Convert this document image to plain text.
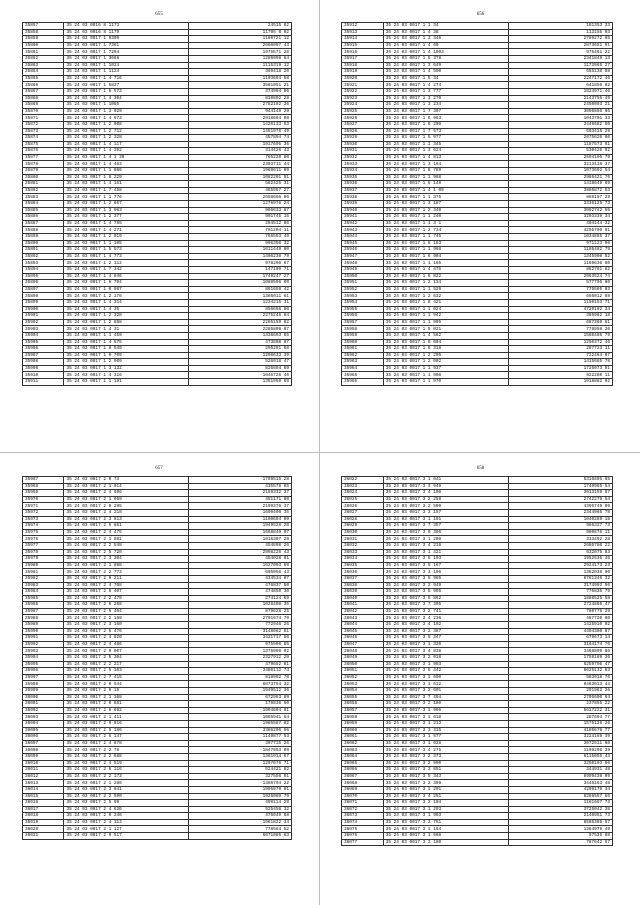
655
35857	35 24 03 0016 8 1173	24515 82
35858	35 24 03 0016 8 1179	11795 0 02
35859	35 24 03 0017 1 9309	1180721 12
35860	35 24 03 0017 1 7361	2666097 43
35861	35 24 03 0017 1 7294	1976571 28
35862	35 24 03 0017 1 3668	1286098 64
35863	35 24 03 0017 1 1024	1115319 12
35864	35 24 03 0017 1 1124	369418 20
35865	35 24 03 0017 1 4 716	1103694 58
35866	35 24 03 0017 1 5837	3581051 21
35867	35 24 03 0017 1 6 573	374904 06
35868	35 24 03 0017 1 4 304	810802 28
35869	35 24 03 0017 1 1065	2782192 36
35870	35 24 03 0017 1 3 029	944149 29
35871	35 24 03 0017 1 4 973	2918694 09
35872	35 24 03 0017 1 2 008	1426133 53
35873	35 24 03 0017 1 2 712	1451976 49
35874	35 24 03 0017 1 2 328	457894 74
35875	35 24 03 0017 1 4 117	1917695 36
35876	35 24 03 0017 1 4 392	314426 43
35877	35 24 03 0017 1 4 1 39	765220 80
35878	35 24 03 0017 1 4 483	2303711 44
35879	35 24 03 0017 1 1 086	1969611 09
35880	35 24 03 0017 1 8 229	1082201 91
35881	35 24 03 0017 1 4 151	582425 31
35882	35 24 03 0017 1 7 458	465957 27
35883	35 24 03 0017 1 1 776	2658666 06
35884	35 24 03 0017 1 2 867	1276976 24
35885	35 24 03 0017 1 3 963	966633 87
35886	35 24 03 0017 1 2 377	901745 15
35887	35 24 03 0017 1 4 765	294512 86
35888	35 24 03 0017 1 4 271	701204 11
35889	35 24 03 0017 1 2 019	766553 49
35890	35 24 03 0017 1 1 105	996398 32
35891	35 24 03 0017 1 5 573	1611449 80
35892	35 24 03 0017 1 4 773	1406238 79
35893	35 24 03 0017 1 2 112	978296 67
35894	35 24 03 0017 1 7 342	147109 71
35895	35 24 03 0017 1 4 846	1749247 27
35896	35 24 03 0017 1 6 794	1088596 09
35897	35 24 03 0017 1 0 987	861659 42
35898	35 24 03 0017 1 2 178	1386011 61
35899	35 24 03 0017 1 4 314	1234215 31
35900	35 24 03 0017 1 4 35	856656 86
35901	35 24 03 0017 1 2 328	2275246 84
35902	35 24 03 0017 1 2 868	2285159 82
35903	35 24 03 0017 1 4 31	2285809 07
35904	35 24 03 0017 1 1 459	1336693 65
35905	35 24 03 0017 1 4 575	473808 67
35906	35 24 03 0017 1 8 549	295291 68
35907	35 24 03 0017 1 6 709	1296633 39
35908	35 24 03 0017 1 2 909	526018 47
35909	35 24 03 0017 1 3 132	826894 69
35910	35 24 03 0017 1 4 316	1046726 46
35911	35 24 03 0017 1 1 191	1351958 69
656
35912	35 24 03 0017 1 1 34	161353 33
35913	35 24 03 0017 1 4 38	113155 03
35914	35 24 03 0017 1 3 346	2789272 65
35915	35 24 03 0017 1 4 60	2873651 91
35916	35 24 03 0017 1 4 1093	975461 22
35917	35 24 03 0017 1 5 378	2341849 13
35918	35 24 03 0017 1 3 649	1173965 27
35919	35 24 03 0017 1 4 590	655138 88
35920	35 24 03 0017 1 5 34	2247172 46
35921	35 24 03 0017 1 4 274	641856 62
35922	35 24 03 0017 1 3 777	1824971 46
35923	35 24 03 0017 1 3 270	2143756 49
35924	35 24 03 0017 1 3 234	2450093 21
35925	35 24 03 0017 1 7 307	3096856 66
35926	35 24 03 0017 1 6 963	1043701 33
35927	35 24 03 0017 1 6 208	3446682 50
35928	35 24 03 0017 1 7 573	603415 29
35929	35 24 03 0017 1 5 977	2075626 60
35930	35 24 03 0017 1 1 345	1187573 61
35931	35 24 03 0017 1 3 624	530426 92
35932	35 24 03 0017 1 4 813	2594105 79
35933	35 24 03 0017 1 3 164	3213115 37
35934	35 24 03 0017 1 8 789	1073692 54
35935	35 24 03 0017 1 1 968	2986421 76
35936	35 24 03 0017 1 5 149	1418649 69
35937	35 24 03 0017 1 4 1 09	3885872 53
35938	35 24 03 0017 1 1 375	868197 29
35939	35 24 03 0017 1 3 187	3336125 73
35940	35 24 03 0017 1 2 340	3092742 56
35941	35 24 03 0017 1 1 240	3203339 34
35942	35 24 03 0017 1 1 3 1	404144 32
35943	35 24 03 0017 1 2 734	4256790 91
35944	35 24 03 0017 1 1 745	1034885 37
35945	35 24 03 0017 1 5 183	971123 96
35946	35 24 03 0017 1 1 968	1185482 79
35947	35 24 03 0017 1 6 904	1345908 52
35948	35 24 03 0017 1 1 165	1189636 80
35949	35 24 03 0017 1 4 475	862781 82
35950	35 24 03 0017 1 6 822	2063524 74
35951	35 24 03 0017 1 2 134	577795 60
35952	35 24 03 0017 1 1 529	775565 03
35953	35 24 03 0017 1 2 632	666012 69
35954	35 24 03 0017 1 8 421	1150153 71
35955	35 24 03 0017 1 1 024	4720102 34
35956	35 24 03 0017 1 1 942	385982 18
35957	35 24 03 0017 1 1 995	687369 61
35958	35 24 03 0017 1 5 021	778958 20
35959	35 24 03 0017 1 4 562	1560486 79
35960	35 24 03 0017 1 8 004	1250372 46
35961	35 24 03 0017 1 6 318	287723 11
35962	35 24 03 0017 1 2 205	722464 07
35963	35 24 03 0017 1 2 002	1415665 78
35964	35 24 03 0017 1 1 937	1726073 91
35965	35 24 03 0017 1 1 908	922280 11
35966	35 24 03 0017 1 1 970	1918882 92
657
35967	35 24 03 0017 2 0 73	1799515 28
35968	35 24 03 0017 2 1 014	435578 85
35969	35 24 03 0017 2 4 996	2168332 37
35970	35 24 03 0017 2 1 059	451171 80
35971	35 24 03 0017 2 0 285	2199376 37
35972	35 24 03 0017 2 4 218	1699409 35
35973	35 24 03 0017 2 3 813	1109694 09
35974	35 24 03 0017 2 5 861	1949528 20
35975	35 24 03 0017 2 4 475	1668849 07
35976	35 24 03 0017 2 1 891	1816307 29
35977	35 24 03 0017 2 2 548	454898 26
35978	35 24 03 0017 2 5 720	2998226 43
35979	35 24 03 0017 2 3 304	454028 01
35980	35 24 03 0017 2 1 888	1627093 69
35981	35 24 03 0017 2 2 773	605058 43
35982	35 24 03 0017 2 9 211	434534 07
35983	35 24 03 0017 2 4 708	476837 50
35984	35 24 03 0017 2 6 407	474850 30
35985	35 24 03 0017 2 2 479	274124 69
35986	35 24 03 0017 2 6 268	1028408 35
35987	35 24 03 0017 2 5 464	879628 25
35988	35 24 03 0017 2 2 160	2791674 79
35989	35 24 03 0017 2 3 160	772946 26
35990	35 24 03 0017 2 5 476	3148062 81
35991	35 24 03 0017 2 4 820	3421717 86
35992	35 24 03 0017 2 4 486	975906 85
35993	35 24 03 0017 2 9 907	1375998 92
35994	35 24 03 0017 2 5 304	2327912 29
35995	35 24 03 0017 2 2 217	479652 81
35996	35 24 03 0017 2 5 103	3480112 74
35997	35 24 03 0017 2 7 415	818992 70
35998	35 24 03 0017 2 0 544	6873754 32
35999	35 24 03 0017 2 9 19	1949512 36
36000	35 24 03 0017 2 1 108	672963 89
36001	35 24 03 0017 2 0 851	179836 60
36002	35 24 03 0017 2 6 692	1994604 61
36003	35 24 03 0017 2 1 411	1065941 64
36004	35 24 03 0017 2 9 916	1985587 82
36005	35 24 03 0017 2 5 186	3386206 56
36006	35 24 03 0017 2 5 147	1149877 53
36007	35 24 03 0017 2 4 878	307715 26
36008	35 24 03 0017 2 2 78	1847953 09
36009	35 24 03 0017 2 2 688	1361914 67
36010	35 24 03 0017 2 4 519	1297076 71
36011	35 24 03 0017 2 5 116	524421 82
36012	35 24 03 0017 2 2 173	327556 91
36013	35 24 03 0017 2 1 286	1386794 22
36014	35 24 03 0017 2 3 841	1995979 01
36015	35 24 03 0017 2 2 590	1926089 79
36016	35 24 03 0017 2 5 99	498114 29
36017	35 24 03 0017 2 4 636	525458 32
36018	35 24 03 0017 2 0 246	475049 68
36019	35 24 03 0017 2 4 113	1981822 34
36020	35 24 03 0017 2 1 127	778564 52
36021	35 24 03 0017 2 9 517	6671085 63
658
36022	35 24 03 0017 3 1 641	5316695 65
36023	35 24 03 0017 3 3 949	1740965 54
36024	35 24 03 0017 3 4 108	3013159 87
36025	35 24 03 0017 3 2 258	2742279 54
36026	35 24 03 0017 3 2 509	4395749 09
36027	35 24 03 0017 3 3 157	2344965 78
36028	35 24 03 0017 3 1 191	1040289 18
36029	35 24 03 0017 3 7 357	966337 73
36030	35 24 03 0017 3 0 396	980876 11
36031	35 24 03 0017 3 1 209	333492 28
36032	35 24 03 0017 3 4 216	2686780 22
36033	35 24 03 0017 3 1 421	632075 83
36034	35 24 03 0017 3 6 193	1952535 46
36035	35 24 03 0017 3 5 167	2924173 23
36036	35 24 03 0017 3 3 196	1362036 90
36037	35 24 03 0017 3 5 965	6761346 32
36038	35 24 03 0017 3 2 949	3174993 56
36039	35 24 03 0017 3 5 995	775835 79
36040	35 24 03 0017 3 5 862	1888525 58
36041	35 24 03 0017 3 7 305	2724866 47
36042	35 24 03 0017 3 2 741	780775 29
36043	35 24 03 0017 3 4 236	487720 60
36044	35 24 03 0017 3 4 192	1425910 02
36045	35 24 03 0017 3 2 387	4494380 87
36046	35 24 03 0017 3 5 347	679673 14
36047	35 24 03 0017 3 1 320	3164174 76
36048	35 24 03 0017 3 4 838	3468899 86
36049	35 24 03 0017 3 2 018	1759189 36
36050	35 24 03 0017 3 1 993	6259796 47
36051	35 24 03 0017 3 6 442	6625132 63
36052	35 24 03 0017 3 1 690	583918 76
36053	35 24 03 0017 3 1 612	9463013 44
36054	35 24 03 0017 3 2 601	291962 26
36055	35 24 03 0017 3 7 494	2705600 64
36056	35 24 03 0017 3 2 180	237855 22
36057	35 24 03 0017 3 1 996	5617222 31
36058	35 24 03 0017 3 1 618	287694 77
36059	35 24 03 0017 3 1 213	1575126 26
36060	35 24 03 0017 3 3 315	4185676 77
36061	35 24 03 0017 3 1 577	3224169 39
36062	35 24 03 0017 3 1 028	3972511 60
36063	35 24 03 0017 3 4 275	1199298 39
36064	35 24 03 0017 3 2 373	6115055 43
36065	35 24 03 0017 3 2 990	3250103 96
36066	35 24 03 0017 3 3 851	344931 48
36067	35 24 03 0017 3 5 343	6999439 09
36068	35 24 03 0017 3 2 309	3445163 48
36069	35 24 03 0017 3 1 291	4209170 34
36070	35 24 03 0017 3 4 251	6286557 66
36071	35 24 03 0017 3 2 104	1161667 73
36072	35 24 03 0017 3 1 293	3725042 38
36073	35 24 03 0017 3 1 993	2146951 73
36074	35 24 03 0017 3 2 751	6586365 57
36075	35 24 03 0017 3 1 194	1364979 49
36076	35 24 03 0017 3 1 566	97536 88
36077	35 24 03 0017 3 2 180	787642 57
